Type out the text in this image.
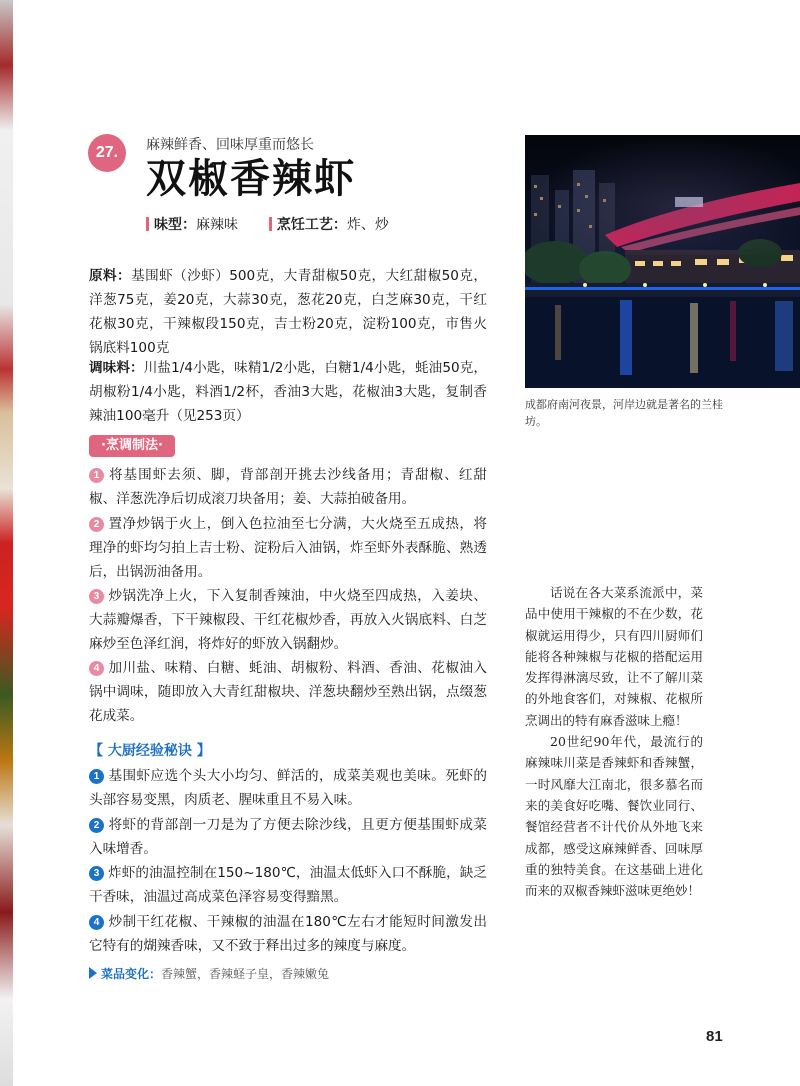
27.	麻辣鲜香、回味厚重而悠长
双椒香辣虾
味型：麻辣味	烹饪工艺：炸、炒
原料：基围虾（沙虾）500克，大青甜椒50克，大红甜椒50克，洋葱75克，姜20克，大蒜30克，葱花20克，白芝麻30克，干红花椒30克，干辣椒段150克，吉士粉20克，淀粉100克，市售火锅底料100克
调味料：川盐1/4小匙，味精1/2小匙，白糖1/4小匙，蚝油50克，胡椒粉1/4小匙，料酒1/2杯，香油3大匙，花椒油3大匙，复制香辣油100毫升（见253页）
·烹调制法·
1 将基围虾去须、脚，背部剖开挑去沙线备用；青甜椒、红甜椒、洋葱洗净后切成滚刀块备用；姜、大蒜拍破备用。
2 置净炒锅于火上，倒入色拉油至七分满，大火烧至五成热，将理净的虾均匀拍上吉士粉、淀粉后入油锅，炸至虾外表酥脆、熟透后，出锅沥油备用。
3 炒锅洗净上火，下入复制香辣油，中火烧至四成热，入姜块、大蒜瓣爆香，下干辣椒段、干红花椒炒香，再放入火锅底料、白芝麻炒至色泽红润，将炸好的虾放入锅翻炒。
4 加川盐、味精、白糖、蚝油、胡椒粉、料酒、香油、花椒油入锅中调味，随即放入大青红甜椒块、洋葱块翻炒至熟出锅，点缀葱花成菜。
【 大厨经验秘诀 】
1 基围虾应选个头大小均匀、鲜活的，成菜美观也美味。死虾的头部容易变黑，肉质老、腥味重且不易入味。
2 将虾的背部剖一刀是为了方便去除沙线，且更方便基围虾成菜入味增香。
3 炸虾的油温控制在150~180℃，油温太低虾入口不酥脆，缺乏干香味，油温过高成菜色泽容易变得黯黑。
4 炒制干红花椒、干辣椒的油温在180℃左右才能短时间激发出它特有的煳辣香味，又不致于释出过多的辣度与麻度。
菜品变化：香辣蟹，香辣蛏子皇，香辣嫩兔
成都府南河夜景，河岸边就是著名的兰桂坊。

话说在各大菜系流派中，菜品中使用干辣椒的不在少数，花椒就运用得少，只有四川厨师们能将各种辣椒与花椒的搭配运用发挥得淋漓尽致，让不了解川菜的外地食客们，对辣椒、花椒所烹调出的特有麻香滋味上瘾！

20世纪90年代，最流行的麻辣味川菜是香辣虾和香辣蟹，一时风靡大江南北，很多慕名而来的美食好吃嘴、餐饮业同行、餐馆经营者不计代价从外地飞来成都，感受这麻辣鲜香、回味厚重的独特美食。在这基础上进化而来的双椒香辣虾滋味更绝妙！

81
